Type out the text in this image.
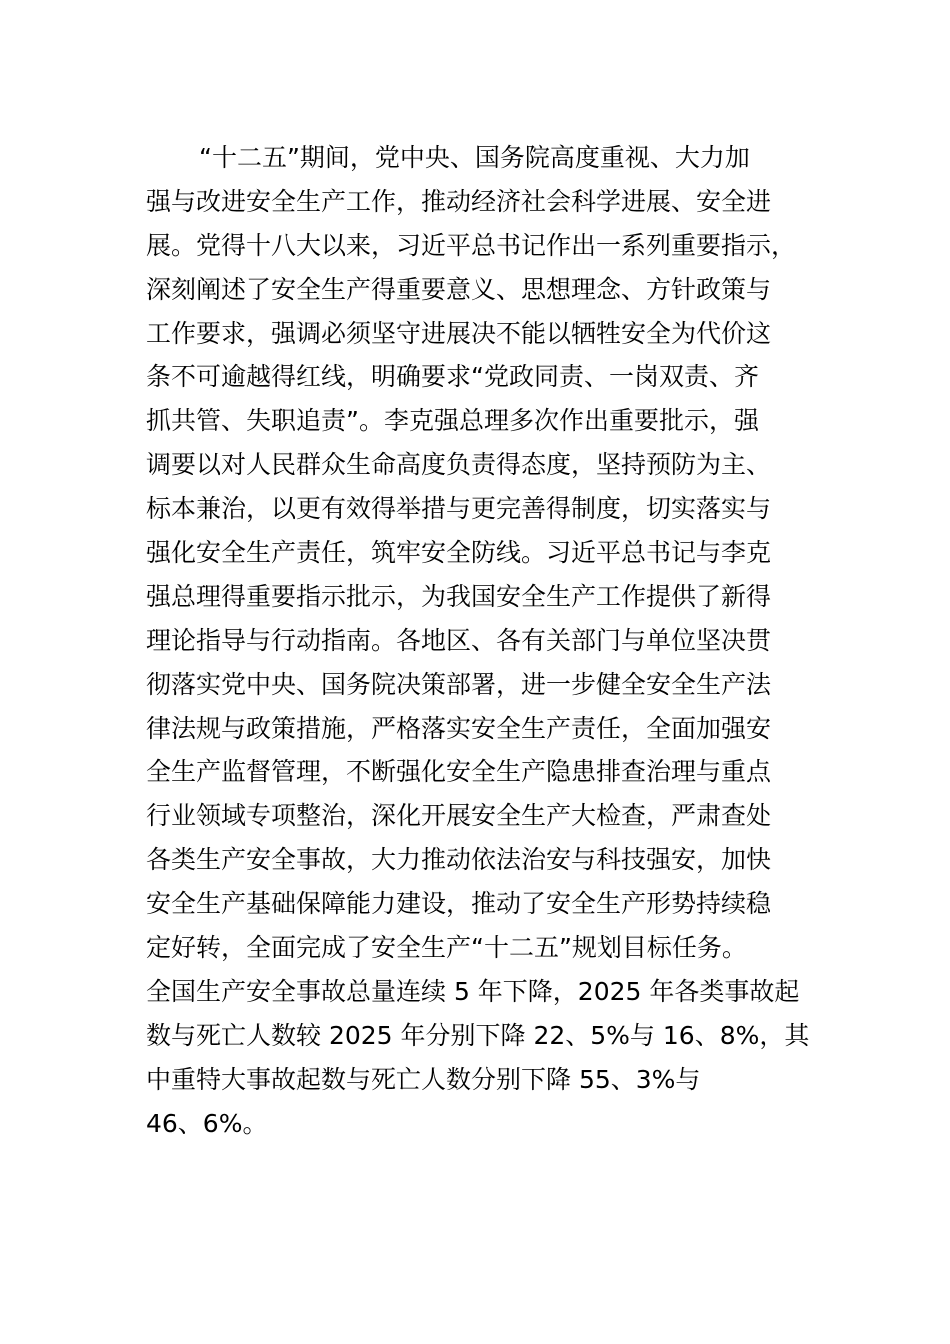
“十二五”期间，党中央、国务院高度重视、大力加
强与改进安全生产工作，推动经济社会科学进展、安全进
展。党得十八大以来，习近平总书记作出一系列重要指示，
深刻阐述了安全生产得重要意义、思想理念、方针政策与
工作要求，强调必须坚守进展决不能以牺牲安全为代价这
条不可逾越得红线，明确要求“党政同责、一岗双责、齐
抓共管、失职追责”。李克强总理多次作出重要批示，强
调要以对人民群众生命高度负责得态度，坚持预防为主、
标本兼治，以更有效得举措与更完善得制度，切实落实与
强化安全生产责任，筑牢安全防线。习近平总书记与李克
强总理得重要指示批示，为我国安全生产工作提供了新得
理论指导与行动指南。各地区、各有关部门与单位坚决贯
彻落实党中央、国务院决策部署，进一步健全安全生产法
律法规与政策措施，严格落实安全生产责任，全面加强安
全生产监督管理，不断强化安全生产隐患排查治理与重点
行业领域专项整治，深化开展安全生产大检查，严肃查处
各类生产安全事故，大力推动依法治安与科技强安，加快
安全生产基础保障能力建设，推动了安全生产形势持续稳
定好转，全面完成了安全生产“十二五”规划目标任务。
全国生产安全事故总量连续 5 年下降，2025 年各类事故起
数与死亡人数较 2025 年分别下降 22、5%与 16、8%，其
中重特大事故起数与死亡人数分别下降 55、3%与
46、6%。
